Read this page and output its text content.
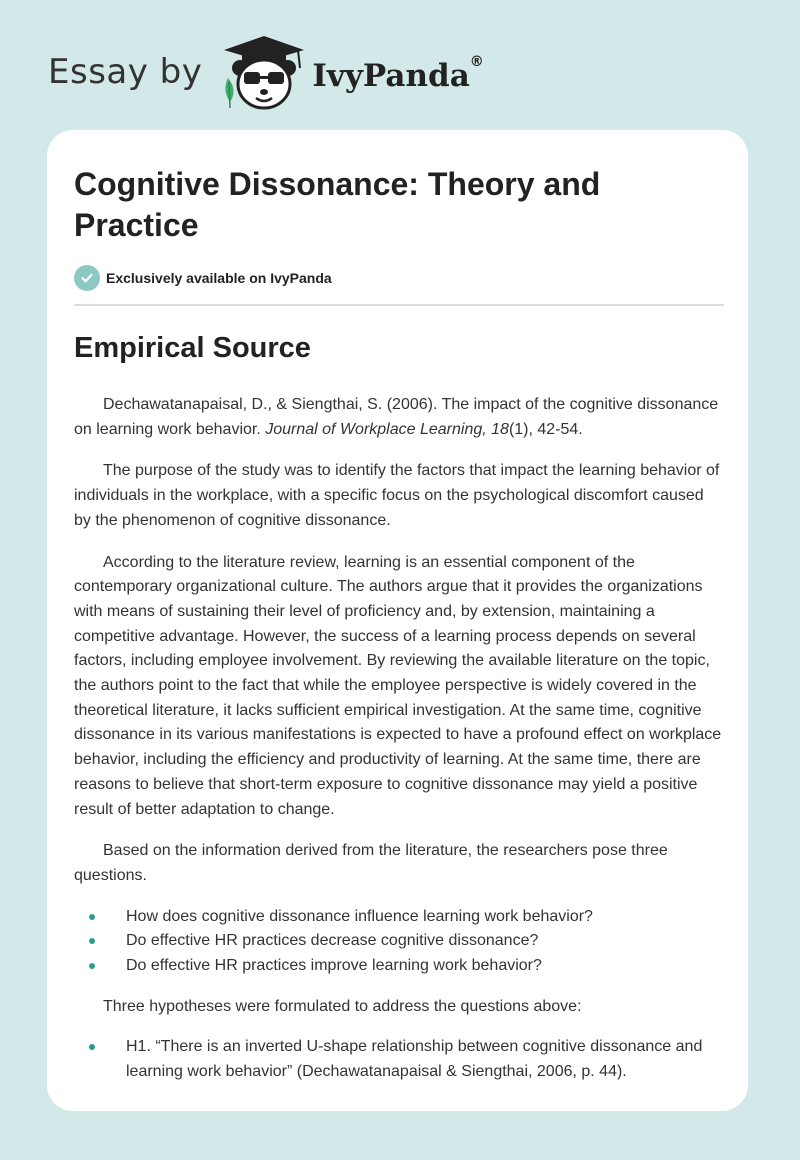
Essay by	IvyPanda®
Cognitive Dissonance: Theory and Practice
Exclusively available on IvyPanda
Empirical Source

Dechawatanapaisal, D., & Siengthai, S. (2006). The impact of the cognitive dissonance on learning work behavior. Journal of Workplace Learning, 18(1), 42-54.

The purpose of the study was to identify the factors that impact the learning behavior of individuals in the workplace, with a specific focus on the psychological discomfort caused by the phenomenon of cognitive dissonance.

According to the literature review, learning is an essential component of the contemporary organizational culture. The authors argue that it provides the organizations with means of sustaining their level of proficiency and, by extension, maintaining a competitive advantage. However, the success of a learning process depends on several factors, including employee involvement. By reviewing the available literature on the topic, the authors point to the fact that while the employee perspective is widely covered in the theoretical literature, it lacks sufficient empirical investigation. At the same time, cognitive dissonance in its various manifestations is expected to have a profound effect on workplace behavior, including the efficiency and productivity of learning. At the same time, there are reasons to believe that short-term exposure to cognitive dissonance may yield a positive result of better adaptation to change.

Based on the information derived from the literature, the researchers pose three questions.

How does cognitive dissonance influence learning work behavior?
Do effective HR practices decrease cognitive dissonance?
Do effective HR practices improve learning work behavior?

Three hypotheses were formulated to address the questions above:

H1. “There is an inverted U-shape relationship between cognitive dissonance and learning work behavior” (Dechawatanapaisal & Siengthai, 2006, p. 44).
